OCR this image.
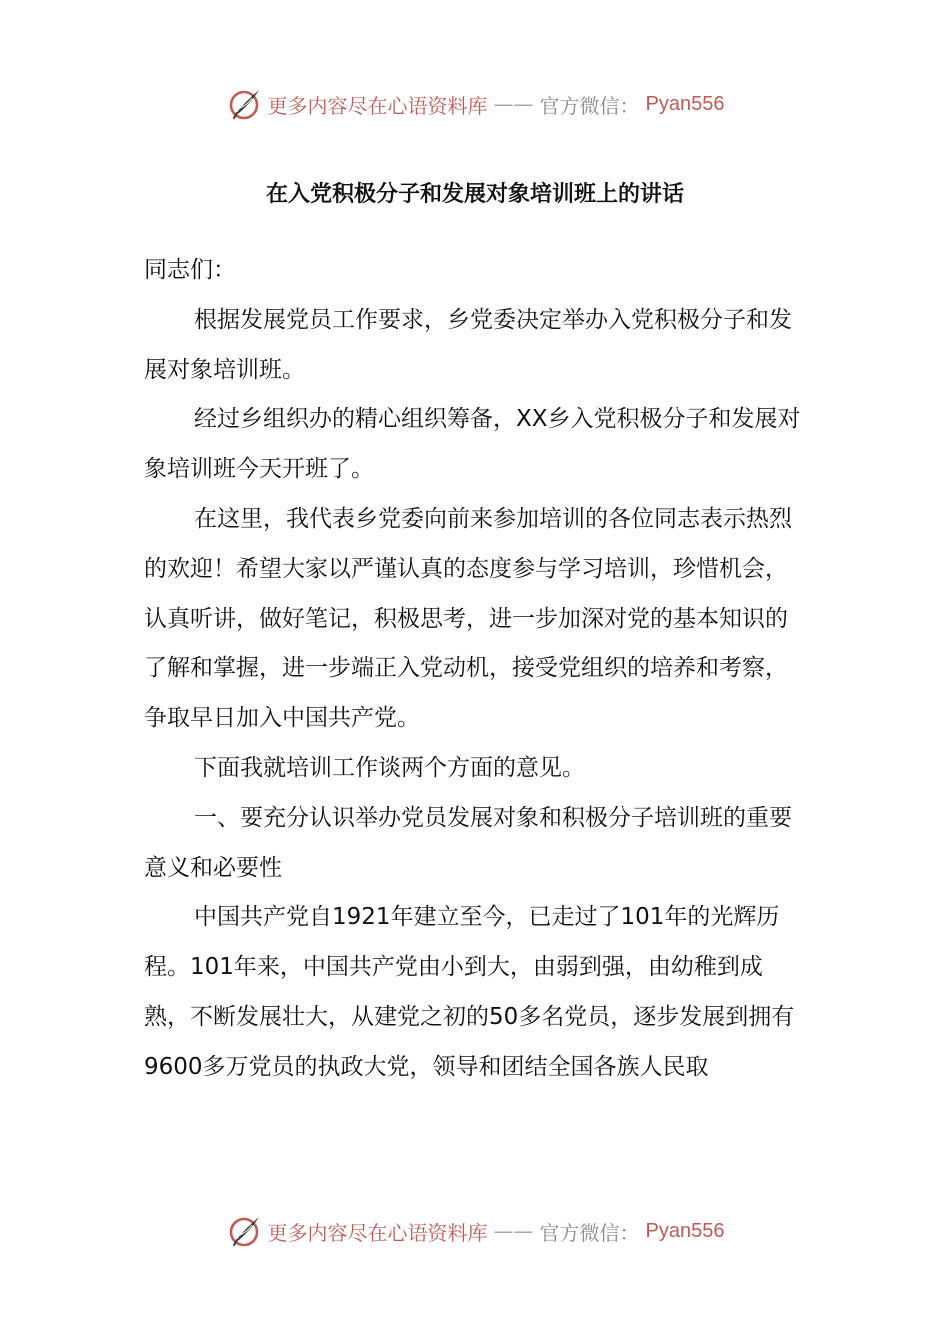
更多内容尽在心语资料库 —— 官方微信： Pyan556
在入党积极分子和发展对象培训班上的讲话

同志们：

根据发展党员工作要求，乡党委决定举办入党积极分子和发展对象培训班。

经过乡组织办的精心组织筹备，XX乡入党积极分子和发展对象培训班今天开班了。

在这里，我代表乡党委向前来参加培训的各位同志表示热烈的欢迎！希望大家以严谨认真的态度参与学习培训，珍惜机会，认真听讲，做好笔记，积极思考，进一步加深对党的基本知识的了解和掌握，进一步端正入党动机，接受党组织的培养和考察，争取早日加入中国共产党。

下面我就培训工作谈两个方面的意见。

一、要充分认识举办党员发展对象和积极分子培训班的重要意义和必要性

中国共产党自1921年建立至今，已走过了101年的光辉历程。101年来，中国共产党由小到大，由弱到强，由幼稚到成熟，不断发展壮大，从建党之初的50多名党员，逐步发展到拥有9600多万党员的执政大党，领导和团结全国各族人民取

更多内容尽在心语资料库 —— 官方微信： Pyan556
